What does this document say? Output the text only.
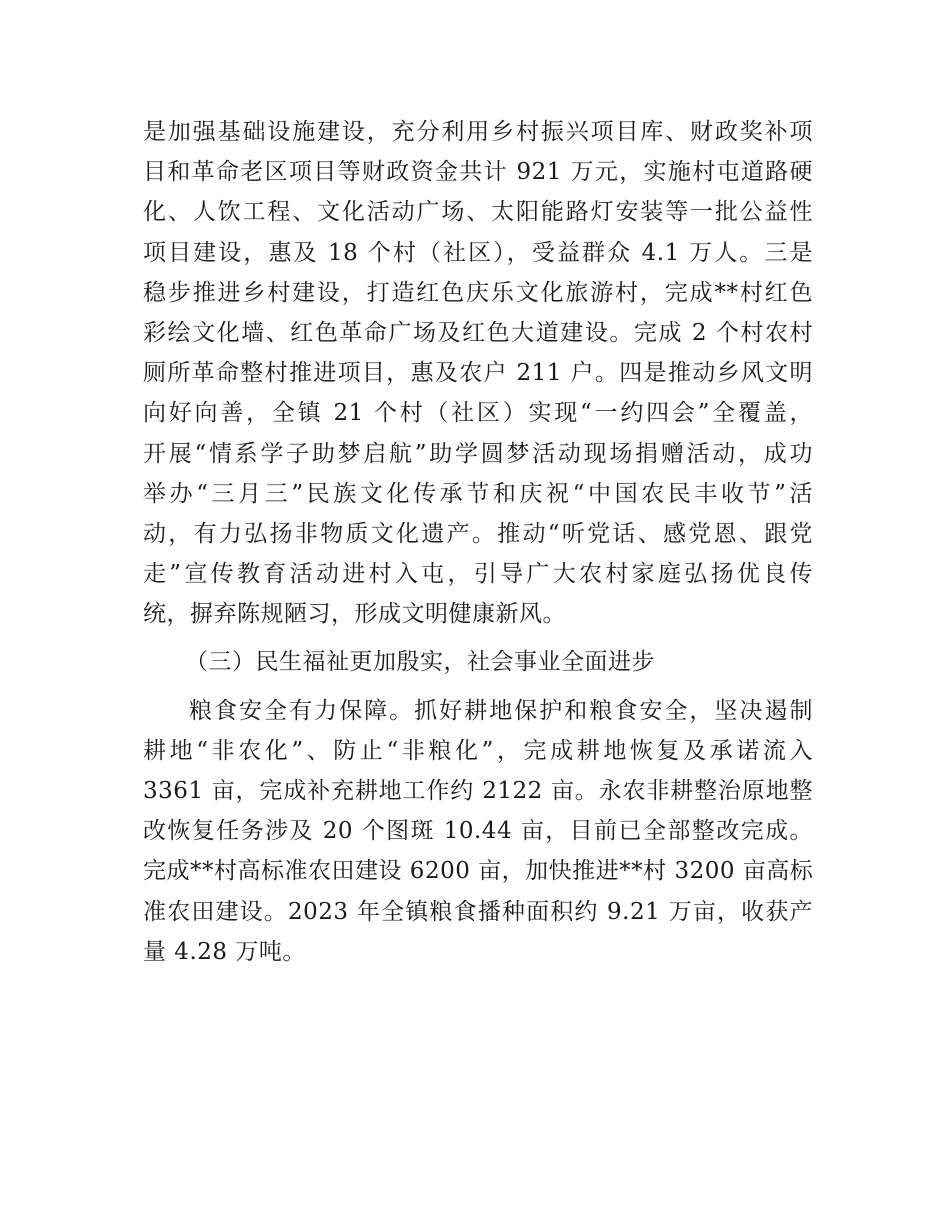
是加强基础设施建设，充分利用乡村振兴项目库、财政奖补项
目和革命老区项目等财政资金共计 921 万元，实施村屯道路硬
化、人饮工程、文化活动广场、太阳能路灯安装等一批公益性
项目建设，惠及 18 个村（社区），受益群众 4.1 万人。三是
稳步推进乡村建设，打造红色庆乐文化旅游村，完成**村红色
彩绘文化墙、红色革命广场及红色大道建设。完成 2 个村农村
厕所革命整村推进项目，惠及农户 211 户。四是推动乡风文明
向好向善，全镇 21 个村（社区）实现“一约四会”全覆盖，
开展“情系学子助梦启航”助学圆梦活动现场捐赠活动，成功
举办“三月三”民族文化传承节和庆祝“中国农民丰收节”活
动，有力弘扬非物质文化遗产。推动“听党话、感党恩、跟党
走”宣传教育活动进村入屯，引导广大农村家庭弘扬优良传
统，摒弃陈规陋习，形成文明健康新风。
（三）民生福祉更加殷实，社会事业全面进步
粮食安全有力保障。抓好耕地保护和粮食安全，坚决遏制
耕地“非农化”、防止“非粮化”，完成耕地恢复及承诺流入
3361 亩，完成补充耕地工作约 2122 亩。永农非耕整治原地整
改恢复任务涉及 20 个图斑 10.44 亩，目前已全部整改完成。
完成**村高标准农田建设 6200 亩，加快推进**村 3200 亩高标
准农田建设。2023 年全镇粮食播种面积约 9.21 万亩，收获产
量 4.28 万吨。
